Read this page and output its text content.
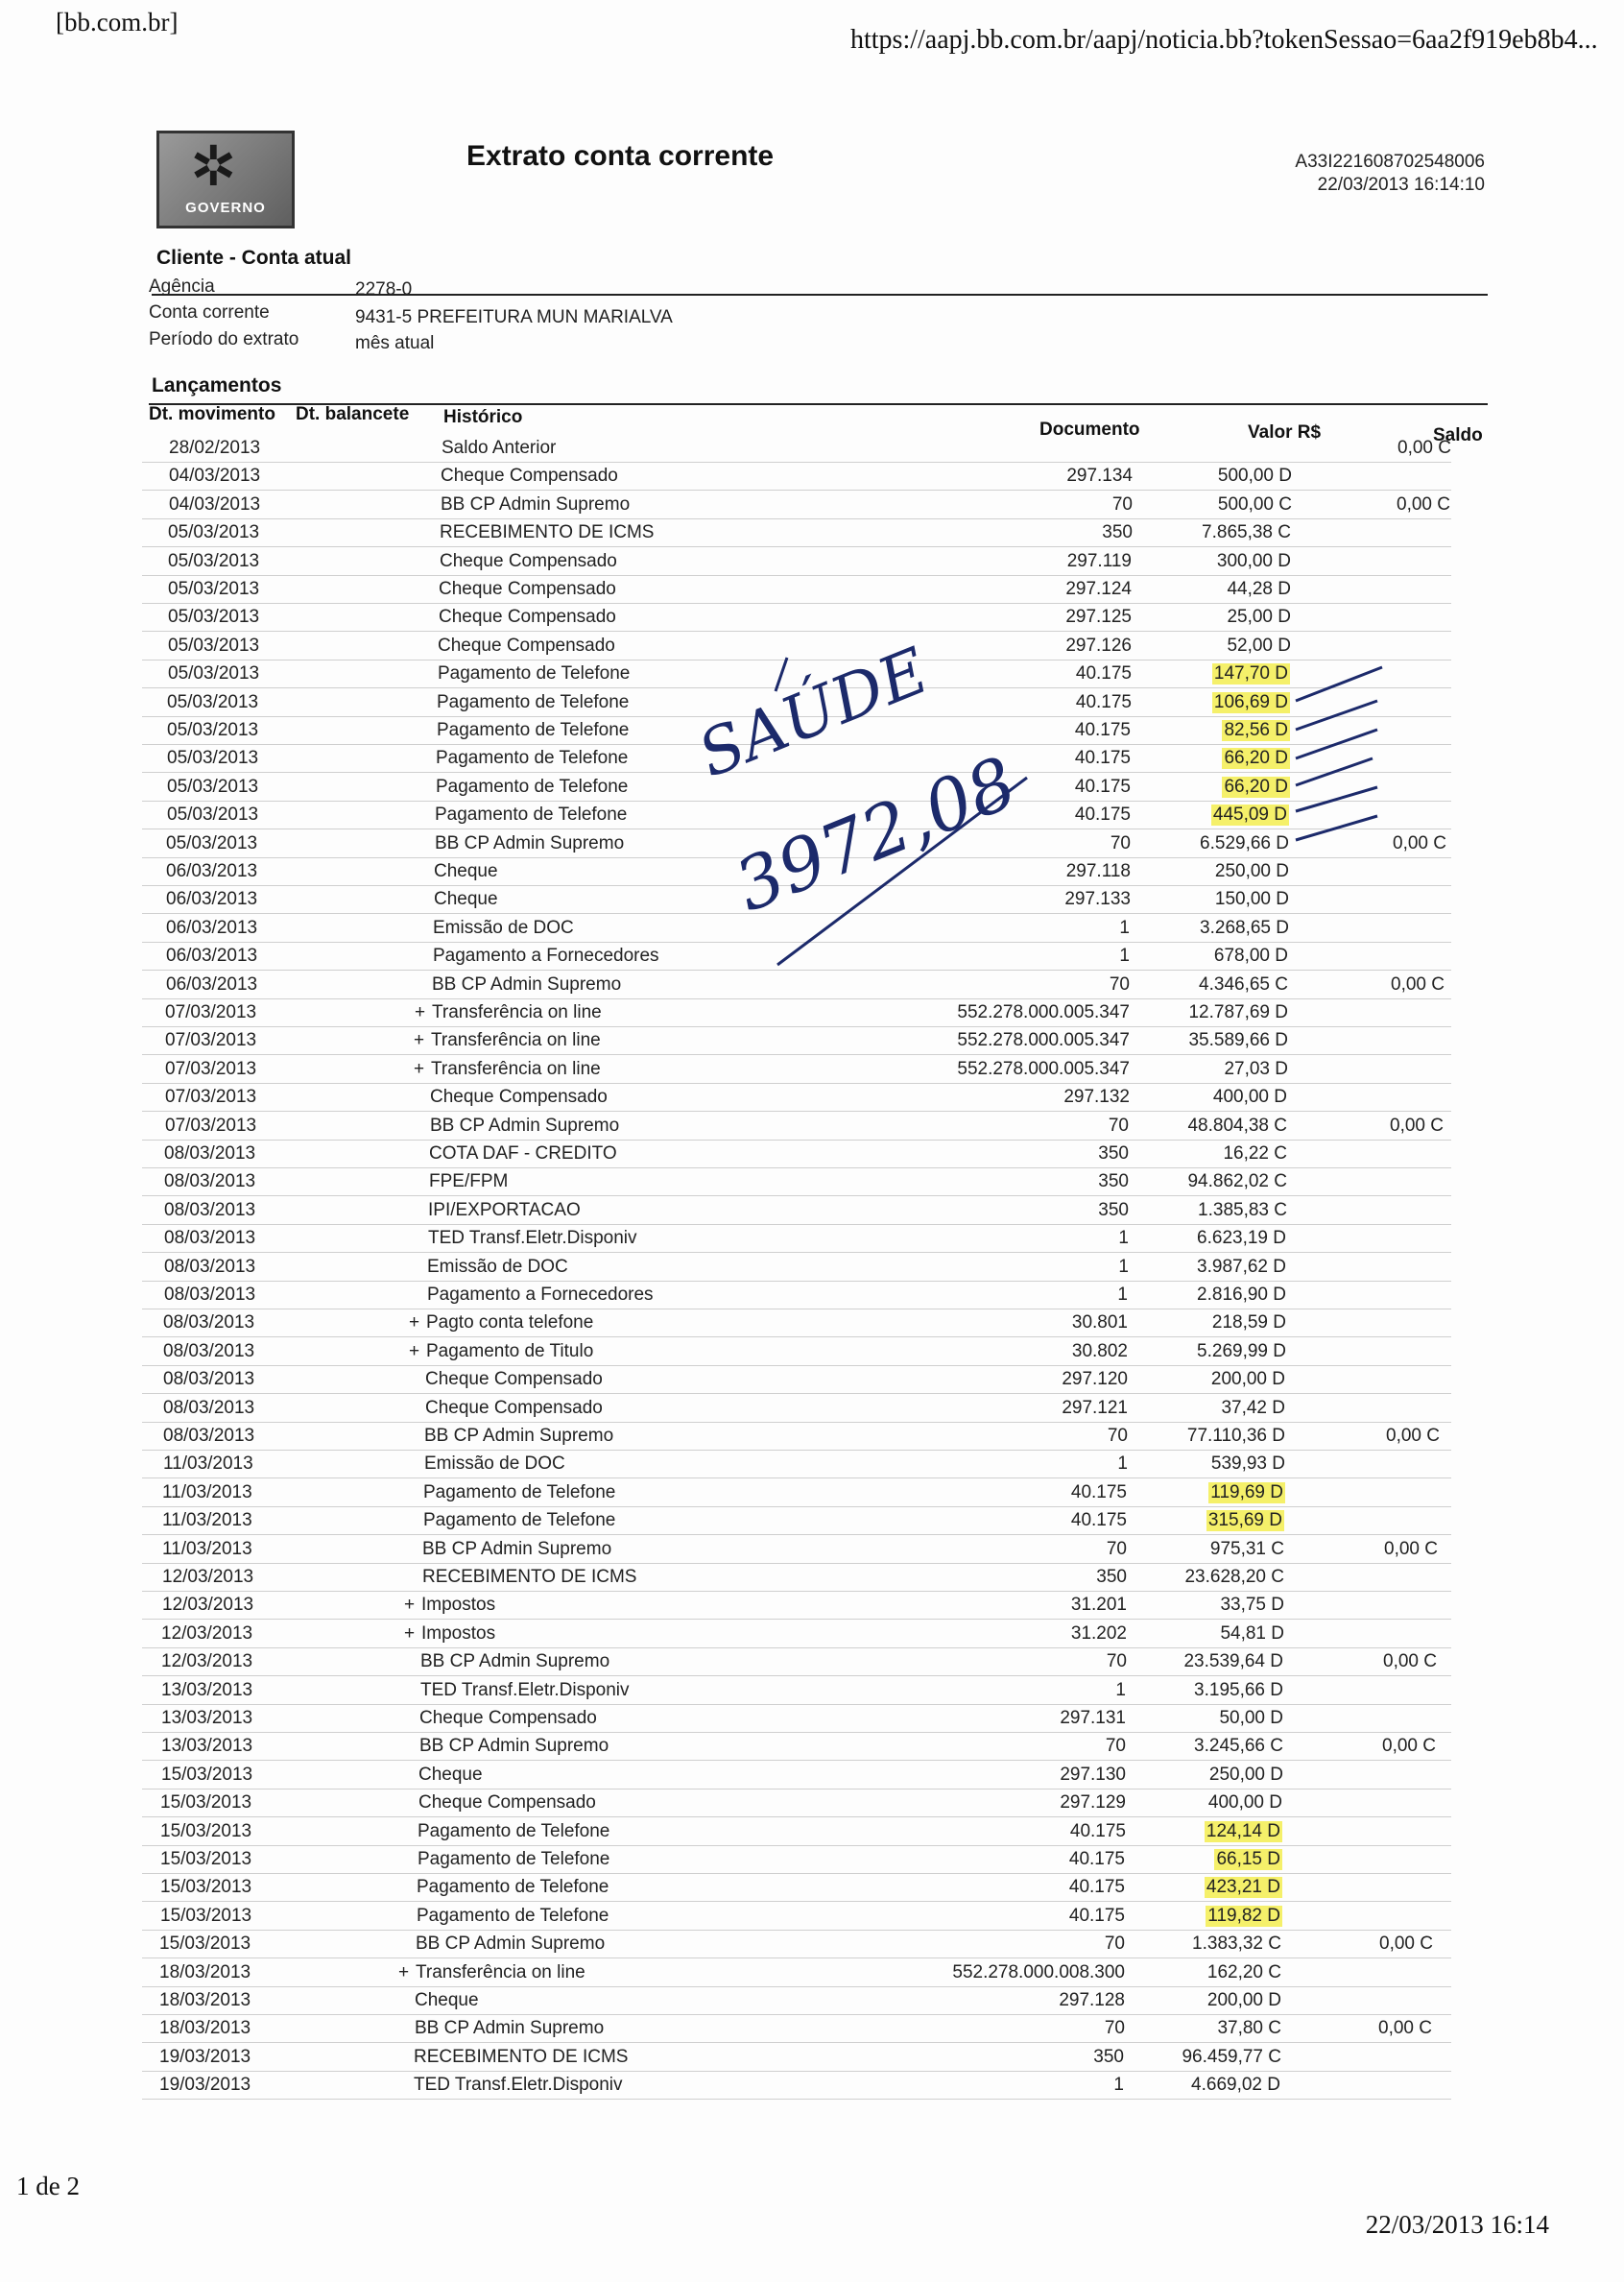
[bb.com.br]
https://aapj.bb.com.br/aapj/noticia.bb?tokenSessao=6aa2f919eb8b4...
✲
GOVERNO
Extrato conta corrente	A33I221608702548006
22/03/2013 16:14:10
Cliente - Conta atual
Agência	2278-0
Conta corrente	9431-5 PREFEITURA MUN MARIALVA
Período do extrato	mês atual
Lançamentos
Dt. movimento Dt. balancete Histórico
Documento	Valor R$	Saldo
28/02/2013	Saldo Anterior	0,00 C
04/03/2013	Cheque Compensado	297.134	500,00 D
04/03/2013	BB CP Admin Supremo	70	500,00 C	0,00 C
05/03/2013	RECEBIMENTO DE ICMS	350	7.865,38 C
05/03/2013	Cheque Compensado	297.119	300,00 D
05/03/2013	Cheque Compensado	297.124	44,28 D
05/03/2013	Cheque Compensado	297.125	25,00 D
05/03/2013	Cheque Compensado	297.126	52,00 D
05/03/2013	Pagamento de Telefone	40.175	147,70 D
05/03/2013	Pagamento de Telefone	40.175	106,69 D
05/03/2013	Pagamento de Telefone	40.175	82,56 D
05/03/2013	Pagamento de Telefone	40.175	66,20 D
05/03/2013	Pagamento de Telefone	40.175	66,20 D
05/03/2013	Pagamento de Telefone	40.175	445,09 D
05/03/2013	BB CP Admin Supremo	70	6.529,66 D	0,00 C
06/03/2013	Cheque	297.118	250,00 D
06/03/2013	Cheque	297.133	150,00 D
06/03/2013	Emissão de DOC	1	3.268,65 D
06/03/2013	Pagamento a Fornecedores	1	678,00 D
06/03/2013	BB CP Admin Supremo	70	4.346,65 C	0,00 C
07/03/2013	+ Transferência on line	552.278.000.005.347	12.787,69 D
07/03/2013	+ Transferência on line	552.278.000.005.347	35.589,66 D
07/03/2013	+ Transferência on line	552.278.000.005.347	27,03 D
07/03/2013	Cheque Compensado	297.132	400,00 D
07/03/2013	BB CP Admin Supremo	70	48.804,38 C	0,00 C
08/03/2013	COTA DAF - CREDITO	350	16,22 C
08/03/2013	FPE/FPM	350	94.862,02 C
08/03/2013	IPI/EXPORTACAO	350	1.385,83 C
08/03/2013	TED Transf.Eletr.Disponiv	1	6.623,19 D
08/03/2013	Emissão de DOC	1	3.987,62 D
08/03/2013	Pagamento a Fornecedores	1	2.816,90 D
08/03/2013	+ Pagto conta telefone	30.801	218,59 D
08/03/2013	+ Pagamento de Titulo	30.802	5.269,99 D
08/03/2013	Cheque Compensado	297.120	200,00 D
08/03/2013	Cheque Compensado	297.121	37,42 D
08/03/2013	BB CP Admin Supremo	70	77.110,36 D	0,00 C
11/03/2013	Emissão de DOC	1	539,93 D
11/03/2013	Pagamento de Telefone	40.175	119,69 D
11/03/2013	Pagamento de Telefone	40.175	315,69 D
11/03/2013	BB CP Admin Supremo	70	975,31 C	0,00 C
12/03/2013	RECEBIMENTO DE ICMS	350	23.628,20 C
12/03/2013	+ Impostos	31.201	33,75 D
12/03/2013	+ Impostos	31.202	54,81 D
12/03/2013	BB CP Admin Supremo	70	23.539,64 D	0,00 C
13/03/2013	TED Transf.Eletr.Disponiv	1	3.195,66 D
13/03/2013	Cheque Compensado	297.131	50,00 D
13/03/2013	BB CP Admin Supremo	70	3.245,66 C	0,00 C
15/03/2013	Cheque	297.130	250,00 D
15/03/2013	Cheque Compensado	297.129	400,00 D
15/03/2013	Pagamento de Telefone	40.175	124,14 D
15/03/2013	Pagamento de Telefone	40.175	66,15 D
15/03/2013	Pagamento de Telefone	40.175	423,21 D
15/03/2013	Pagamento de Telefone	40.175	119,82 D
15/03/2013	BB CP Admin Supremo	70	1.383,32 C	0,00 C
18/03/2013	+ Transferência on line	552.278.000.008.300	162,20 C
18/03/2013	Cheque	297.128	200,00 D
18/03/2013	BB CP Admin Supremo	70	37,80 C	0,00 C
19/03/2013	RECEBIMENTO DE ICMS	350	96.459,77 C
19/03/2013	TED Transf.Eletr.Disponiv	1	4.669,02 D
SAÚDE
3972,08
1 de 2
22/03/2013 16:14
